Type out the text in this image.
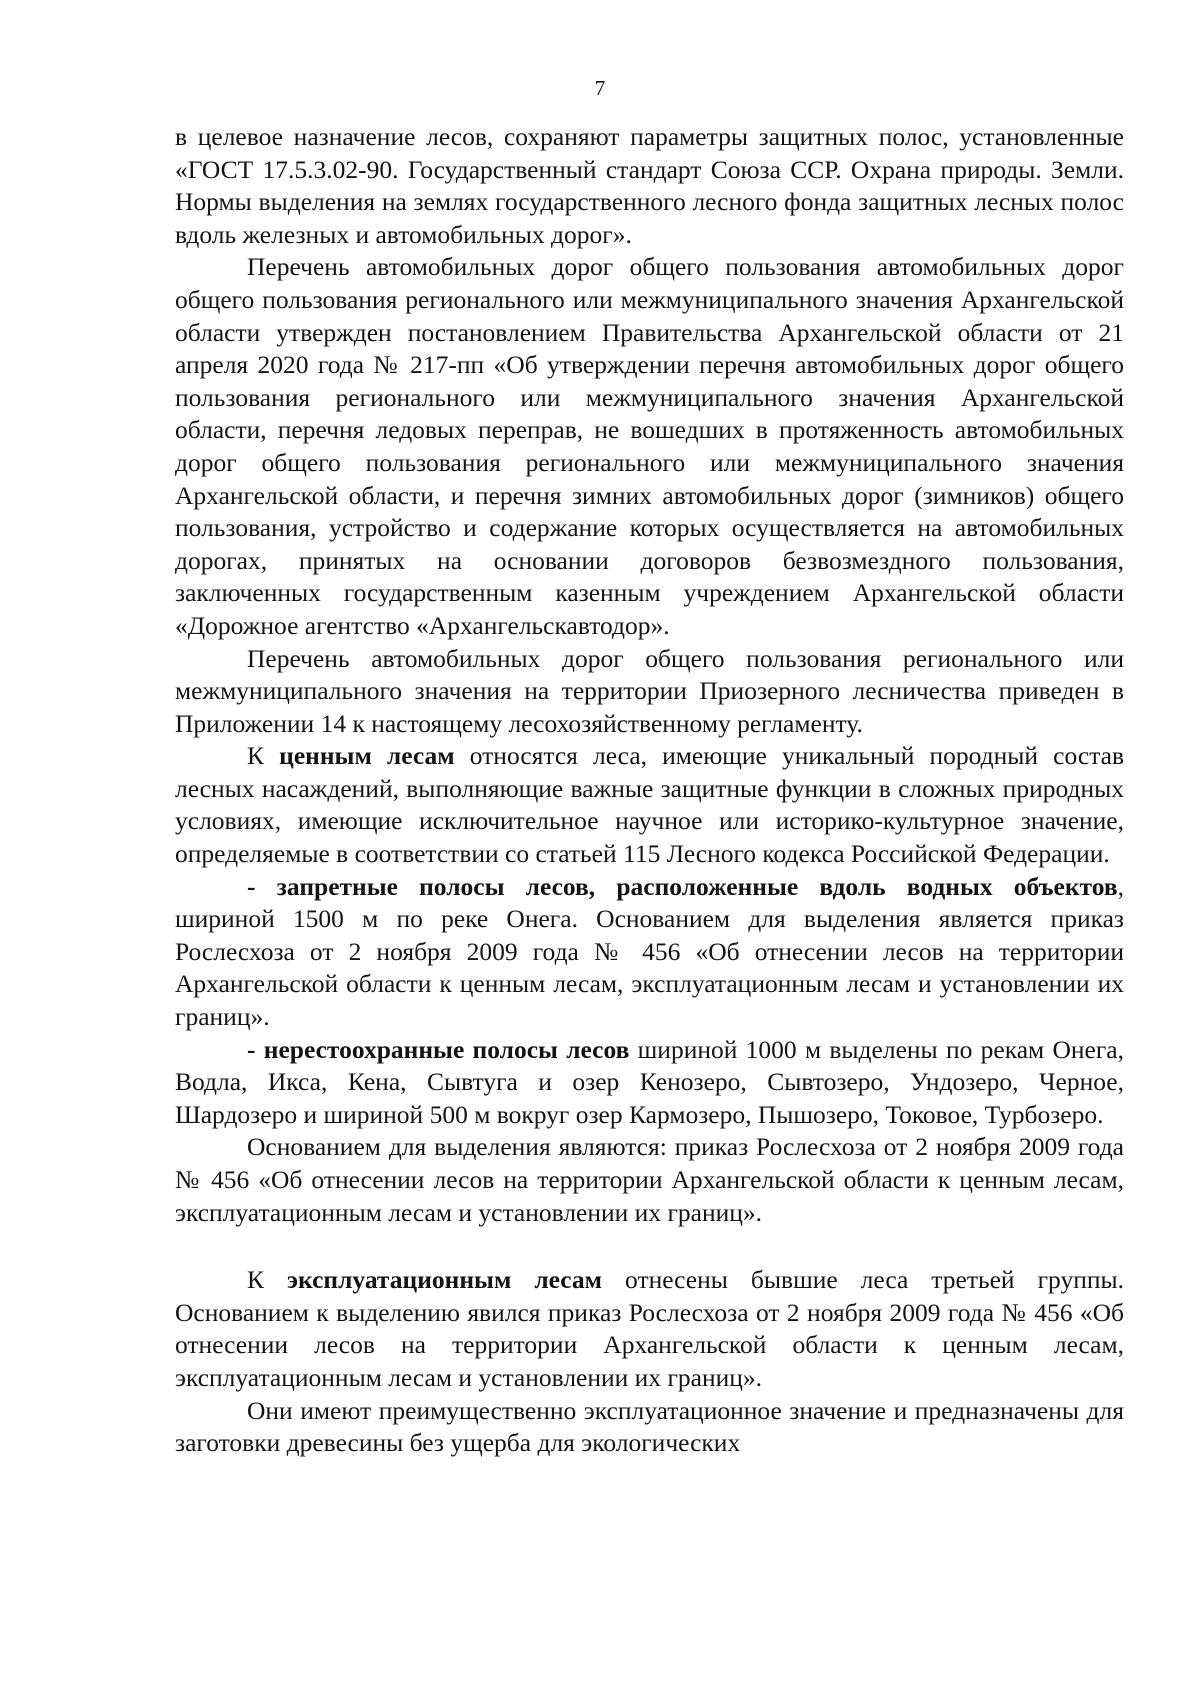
7

в целевое назначение лесов, сохраняют параметры защитных полос, установленные «ГОСТ 17.5.3.02-90. Государственный стандарт Союза ССР. Охрана природы. Земли. Нормы выделения на землях государственного лесного фонда защитных лесных полос вдоль железных и автомобильных дорог».

Перечень автомобильных дорог общего пользования автомобильных дорог общего пользования регионального или межмуниципального значения Архангельской области утвержден постановлением Правительства Архангельской области от 21 апреля 2020 года № 217-пп «Об утверждении перечня автомобильных дорог общего пользования регионального или межмуниципального значения Архангельской области, перечня ледовых переправ, не вошедших в протяженность автомобильных дорог общего пользования регионального или межмуниципального значения Архангельской области, и перечня зимних автомобильных дорог (зимников) общего пользования, устройство и содержание которых осуществляется на автомобильных дорогах, принятых на основании договоров безвозмездного пользования, заключенных государственным казенным учреждением Архангельской области «Дорожное агентство «Архангельскавтодор».

Перечень автомобильных дорог общего пользования регионального или межмуниципального значения на территории Приозерного лесничества приведен в Приложении 14 к настоящему лесохозяйственному регламенту.

К ценным лесам относятся леса, имеющие уникальный породный состав лесных насаждений, выполняющие важные защитные функции в сложных природных условиях, имеющие исключительное научное или историко-культурное значение, определяемые в соответствии со статьей 115 Лесного кодекса Российской Федерации.

- запретные полосы лесов, расположенные вдоль водных объектов, шириной 1500 м по реке Онега. Основанием для выделения является приказ Рослесхоза от 2 ноября 2009 года № 456 «Об отнесении лесов на территории Архангельской области к ценным лесам, эксплуатационным лесам и установлении их границ».

- нерестоохранные полосы лесов шириной 1000 м выделены по рекам Онега, Водла, Икса, Кена, Сывтуга и озер Кенозеро, Сывтозеро, Ундозеро, Черное, Шардозеро и шириной 500 м вокруг озер Кармозеро, Пышозеро, Токовое, Турбозеро.

Основанием для выделения являются: приказ Рослесхоза от 2 ноября 2009 года № 456 «Об отнесении лесов на территории Архангельской области к ценным лесам, эксплуатационным лесам и установлении их границ».

К эксплуатационным лесам отнесены бывшие леса третьей группы. Основанием к выделению явился приказ Рослесхоза от 2 ноября 2009 года № 456 «Об отнесении лесов на территории Архангельской области к ценным лесам, эксплуатационным лесам и установлении их границ».

Они имеют преимущественно эксплуатационное значение и предназначены для заготовки древесины без ущерба для экологических
